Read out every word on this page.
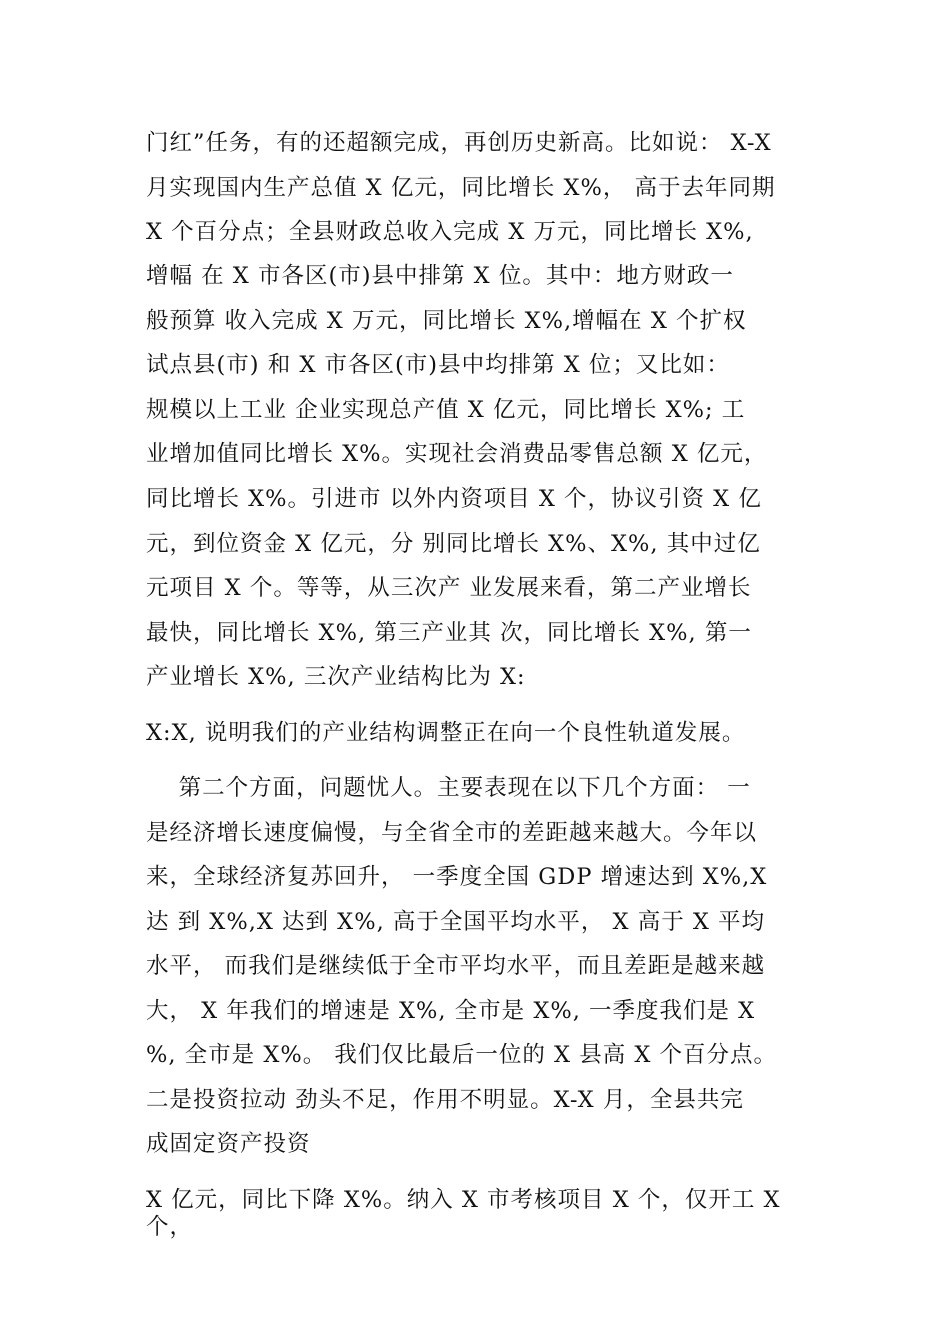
门红”任务，有的还超额完成，再创历史新高。比如说： X-X
月实现国内生产总值 X 亿元，同比增长 X%， 高于去年同期
X 个百分点；全县财政总收入完成 X 万元，同比增长 X%,
增幅 在 X 市各区(市)县中排第 X 位。其中：地方财政一
般预算 收入完成 X 万元，同比增长 X%,增幅在 X 个扩权
试点县(市) 和 X 市各区(市)县中均排第 X 位；又比如：
规模以上工业 企业实现总产值 X 亿元，同比增长 X%; 工
业增加值同比增长 X%。实现社会消费品零售总额 X 亿元，
同比增长 X%。引进市 以外内资项目 X 个，协议引资 X 亿
元，到位资金 X 亿元，分 别同比增长 X%、X%, 其中过亿
元项目 X 个。等等，从三次产 业发展来看，第二产业增长
最快，同比增长 X%, 第三产业其 次，同比增长 X%, 第一
产业增长 X%, 三次产业结构比为 X:
X:X, 说明我们的产业结构调整正在向一个良性轨道发展。
第二个方面，问题忧人。主要表现在以下几个方面： 一
是经济增长速度偏慢，与全省全市的差距越来越大。今年以
来，全球经济复苏回升， 一季度全国 GDP 增速达到 X%,X
达 到 X%,X 达到 X%, 高于全国平均水平， X 高于 X 平均
水平， 而我们是继续低于全市平均水平，而且差距是越来越
大， X 年我们的增速是 X%, 全市是 X%, 一季度我们是 X
%, 全市是 X%。 我们仅比最后一位的 X 县高 X 个百分点。
二是投资拉动 劲头不足，作用不明显。X-X 月，全县共完
成固定资产投资
X 亿元，同比下降 X%。纳入 X 市考核项目 X 个，仅开工 X
个，
